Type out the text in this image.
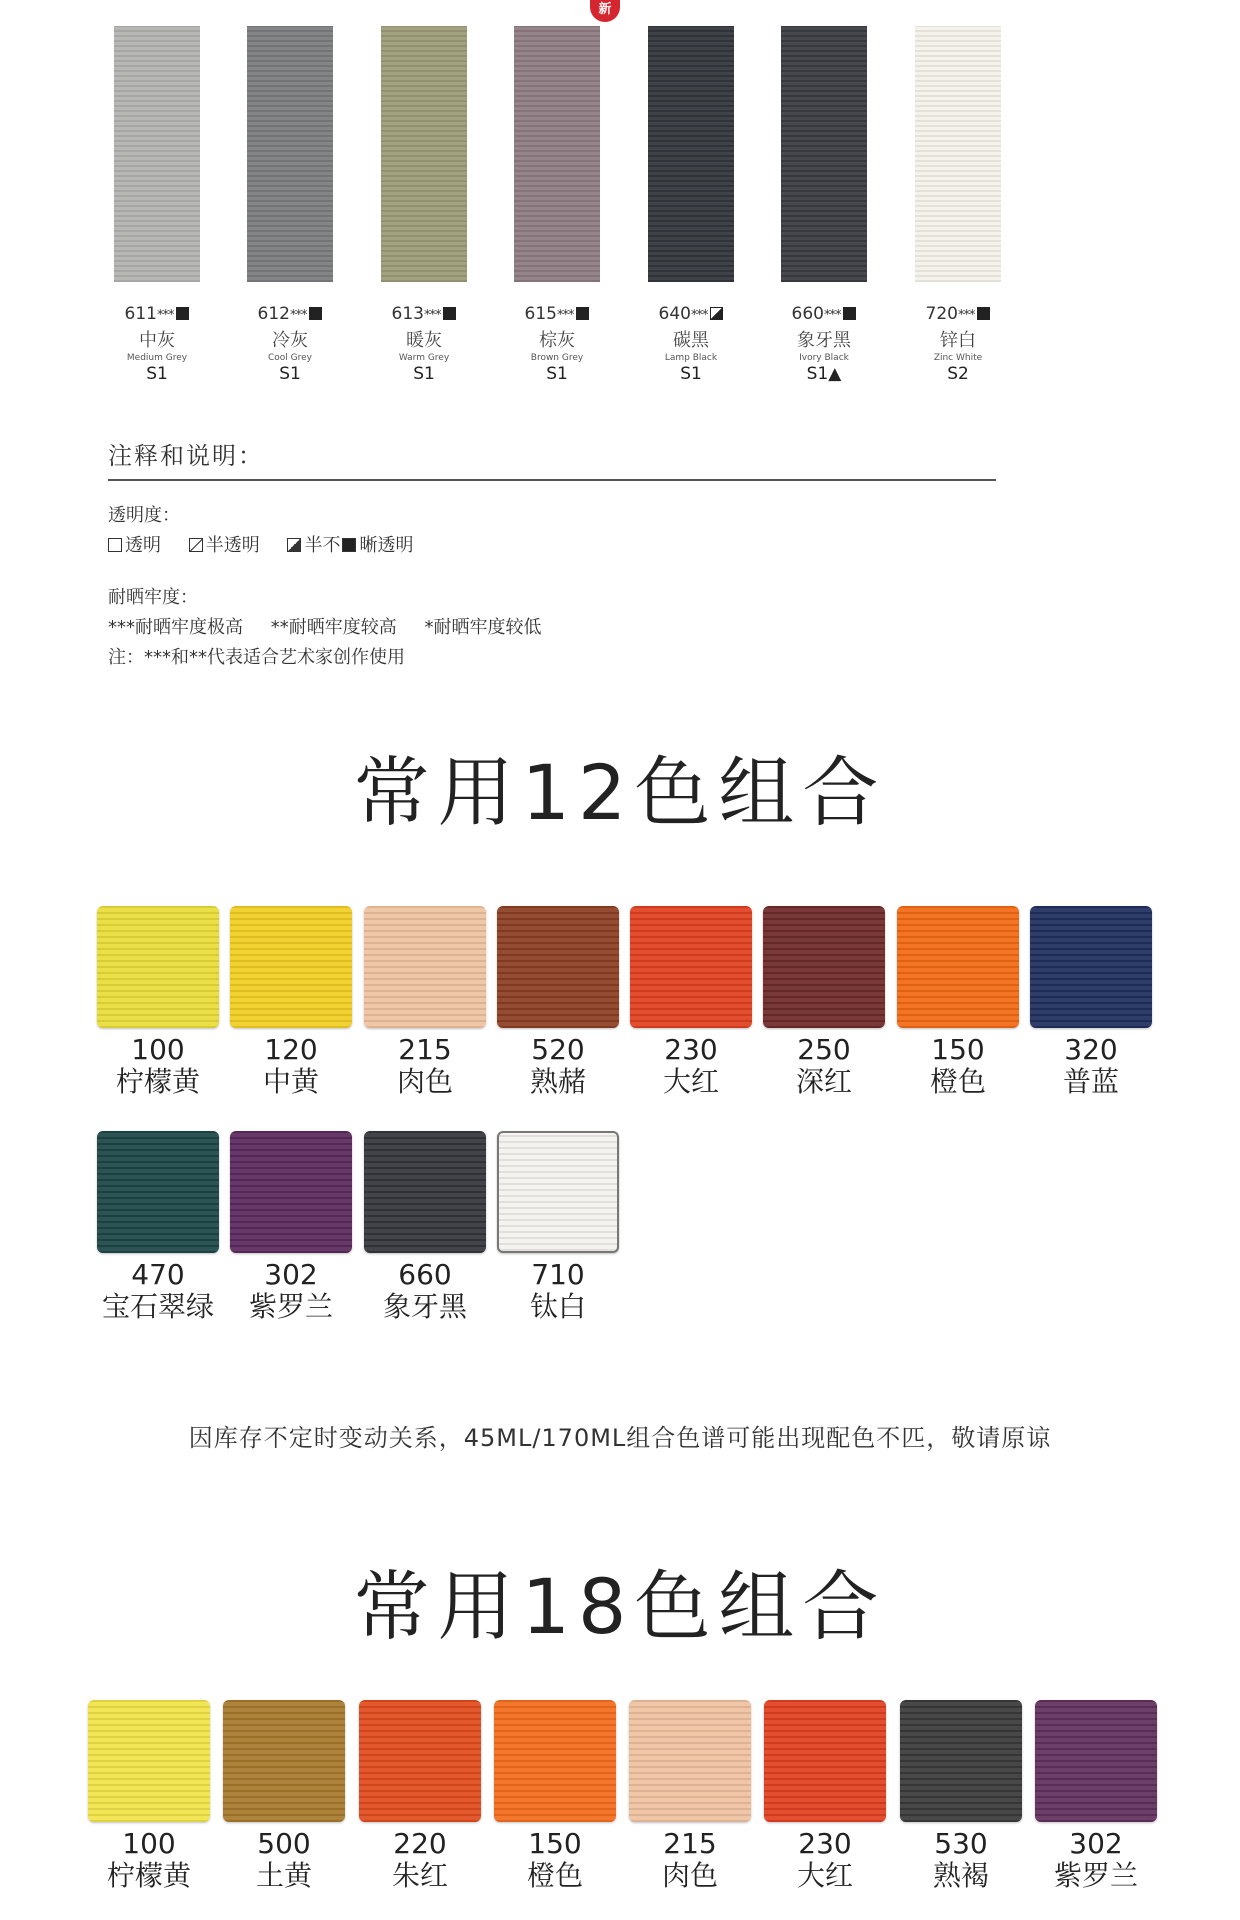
新
611***
中灰
Medium Grey
S1
612***
冷灰
Cool Grey
S1
613***
暖灰
Warm Grey
S1
615***
棕灰
Brown Grey
S1
640***
碳黑
Lamp Black
S1
660***
象牙黑
Ivory Black
S1▲
720***
锌白
Zinc White
S2
注释和说明：
透明度：
透明 半透明 半不 晰透明
耐晒牢度：
***耐晒牢度极高 **耐晒牢度较高 *耐晒牢度较低
注：***和**代表适合艺术家创作使用
常用12色组合
100
柠檬黄
120
中黄
215
肉色
520
熟赭
230
大红
250
深红
150
橙色
320
普蓝
470
宝石翠绿
302
紫罗兰
660
象牙黑
710
钛白
因库存不定时变动关系，45ML/170ML组合色谱可能出现配色不匹，敬请原谅
常用18色组合
100
柠檬黄
500
土黄
220
朱红
150
橙色
215
肉色
230
大红
530
熟褐
302
紫罗兰
